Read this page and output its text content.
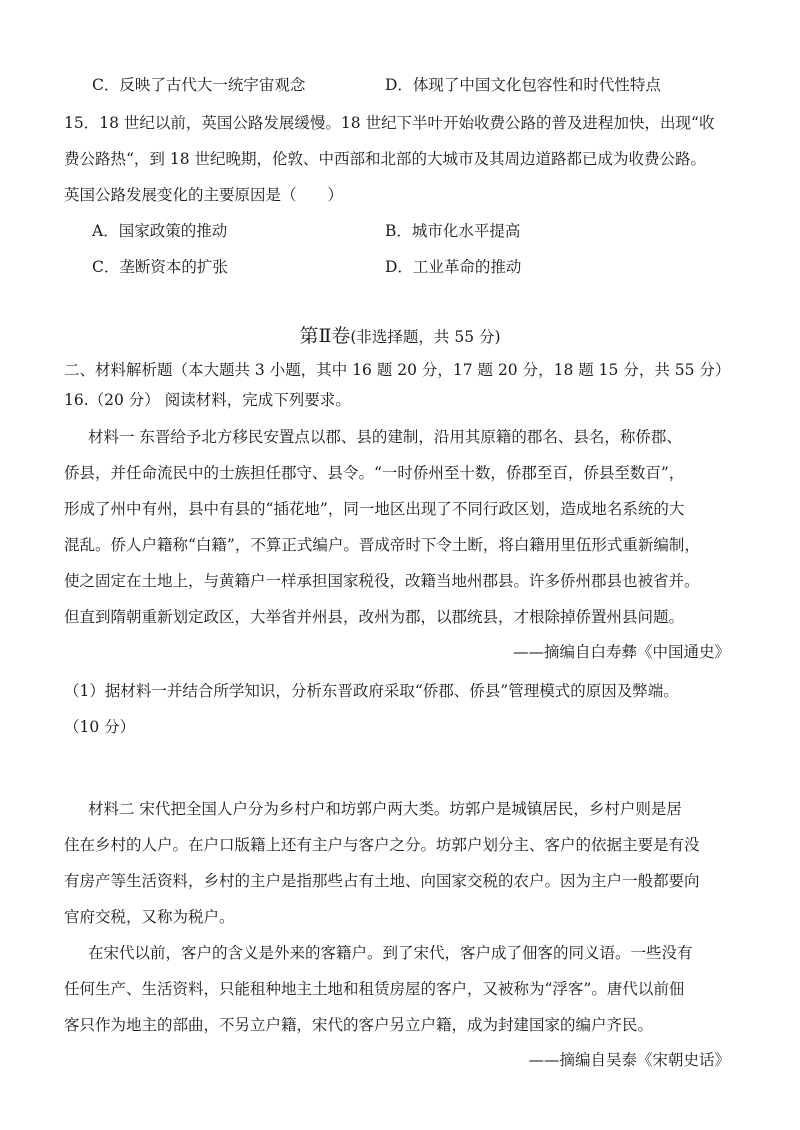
C．反映了古代大一统宇宙观念	D．体现了中国文化包容性和时代性特点
15．18 世纪以前，英国公路发展缓慢。18 世纪下半叶开始收费公路的普及进程加快，出现“收
费公路热“，到 18 世纪晚期，伦敦、中西部和北部的大城市及其周边道路都已成为收费公路。
英国公路发展变化的主要原因是（　　）
A．国家政策的推动	B．城市化水平提高
C．垄断资本的扩张	D．工业革命的推动
第Ⅱ卷(非选择题，共 55 分)
二、材料解析题（本大题共 3 小题，其中 16 题 20 分，17 题 20 分，18 题 15 分，共 55 分）
16.（20 分） 阅读材料，完成下列要求。
材料一 东晋给予北方移民安置点以郡、县的建制，沿用其原籍的郡名、县名，称侨郡、
侨县，并任命流民中的士族担任郡守、县令。“一时侨州至十数，侨郡至百，侨县至数百”，
形成了州中有州，县中有县的“插花地”，同一地区出现了不同行政区划，造成地名系统的大
混乱。侨人户籍称“白籍”，不算正式编户。晋成帝时下令土断，将白籍用里伍形式重新编制，
使之固定在土地上，与黄籍户一样承担国家税役，改籍当地州郡县。许多侨州郡县也被省并。
但直到隋朝重新划定政区，大举省并州县，改州为郡，以郡统县，才根除掉侨置州县问题。
——摘编自白寿彝《中国通史》
（1）据材料一并结合所学知识，分析东晋政府采取“侨郡、侨县”管理模式的原因及弊端。
（10 分）
材料二 宋代把全国人户分为乡村户和坊郭户两大类。坊郭户是城镇居民，乡村户则是居
住在乡村的人户。在户口版籍上还有主户与客户之分。坊郭户划分主、客户的依据主要是有没
有房产等生活资料，乡村的主户是指那些占有土地、向国家交税的农户。因为主户一般都要向
官府交税，又称为税户。
在宋代以前，客户的含义是外来的客籍户。到了宋代，客户成了佃客的同义语。一些没有
任何生产、生活资料，只能租种地主土地和租赁房屋的客户，又被称为“浮客”。唐代以前佃
客只作为地主的部曲，不另立户籍，宋代的客户另立户籍，成为封建国家的编户齐民。
——摘编自吴泰《宋朝史话》
